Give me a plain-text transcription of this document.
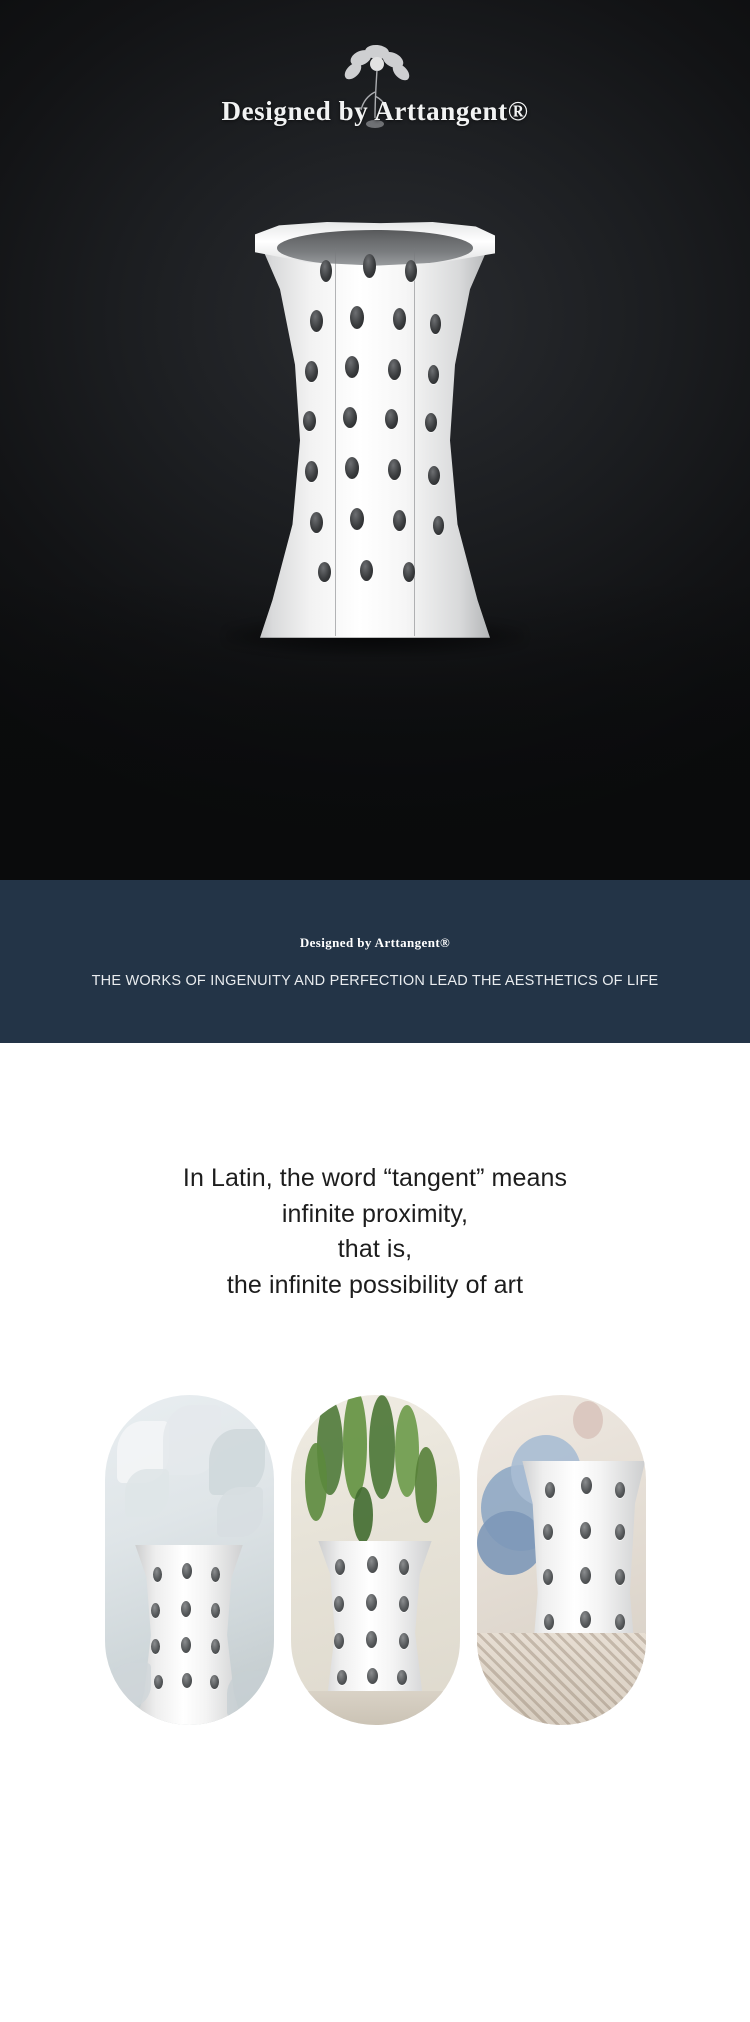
Designed by Arttangent®
Designed by Arttangent®
THE WORKS OF INGENUITY AND PERFECTION LEAD THE AESTHETICS OF LIFE

In Latin, the word “tangent” means

infinite proximity,

that is,

the infinite possibility of art
